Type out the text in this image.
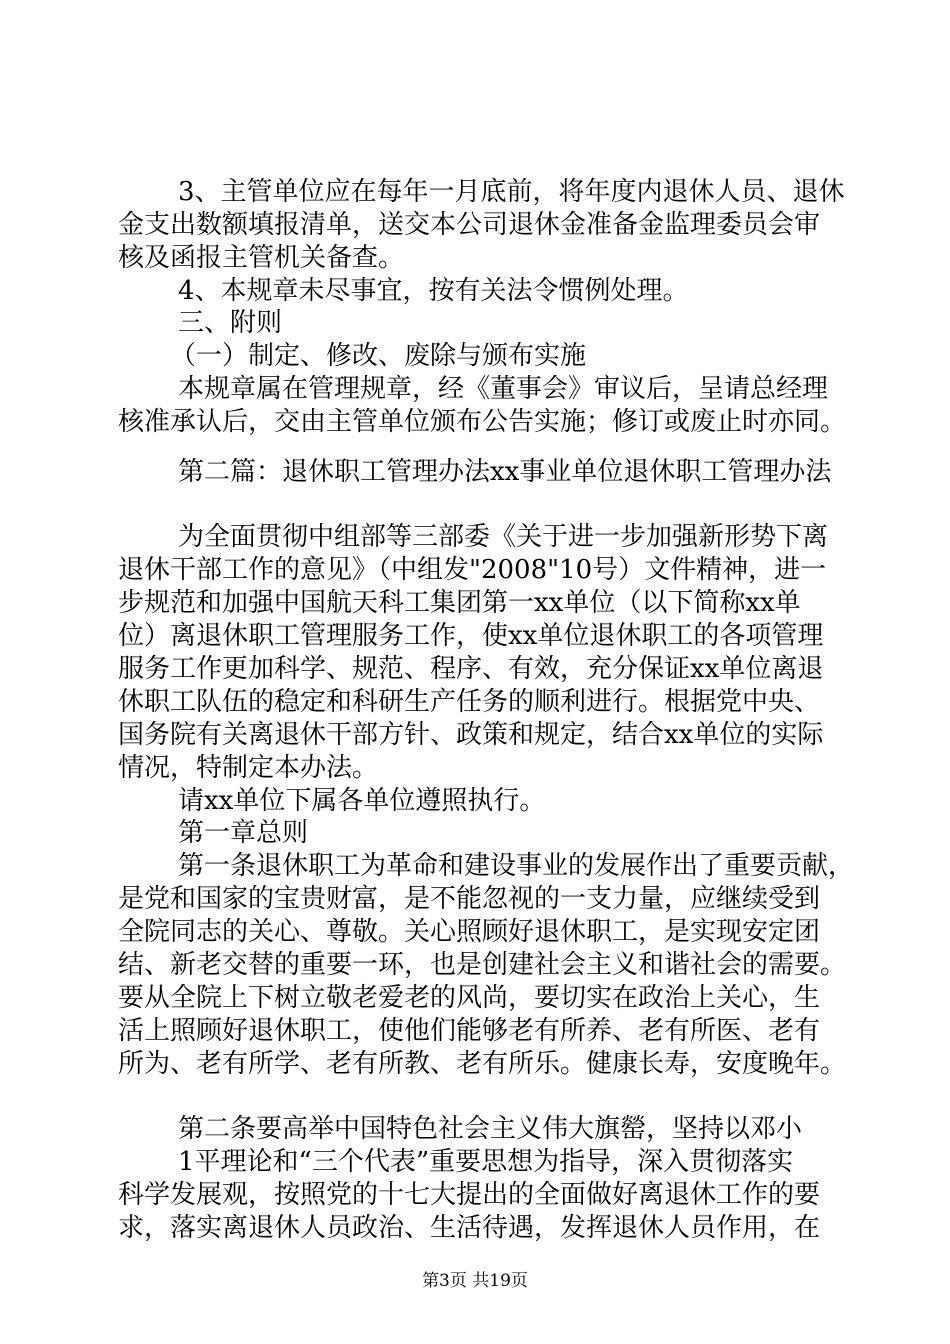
3、主管单位应在每年一月底前，将年度内退休人员、退休
金支出数额填报清单，送交本公司退休金准备金监理委员会审
核及函报主管机关备查。
4、本规章未尽事宜，按有关法令惯例处理。
三、附则
（一）制定、修改、废除与颁布实施
本规章属在管理规章，经《董事会》审议后，呈请总经理
核准承认后，交由主管单位颁布公告实施；修订或废止时亦同。
第二篇：退休职工管理办法xx事业单位退休职工管理办法
为全面贯彻中组部等三部委《关于进一步加强新形势下离
退休干部工作的意见》（中组发"2008"10号）文件精神，进一
步规范和加强中国航天科工集团第一xx单位（以下简称xx单
位）离退休职工管理服务工作，使xx单位退休职工的各项管理
服务工作更加科学、规范、程序、有效，充分保证xx单位离退
休职工队伍的稳定和科研生产任务的顺利进行。根据党中央、
国务院有关离退休干部方针、政策和规定，结合xx单位的实际
情况，特制定本办法。
请xx单位下属各单位遵照执行。
第一章总则
第一条退休职工为革命和建设事业的发展作出了重要贡献，
是党和国家的宝贵财富，是不能忽视的一支力量，应继续受到
全院同志的关心、尊敬。关心照顾好退休职工，是实现安定团
结、新老交替的重要一环，也是创建社会主义和谐社会的需要。
要从全院上下树立敬老爱老的风尚，要切实在政治上关心，生
活上照顾好退休职工，使他们能够老有所养、老有所医、老有
所为、老有所学、老有所教、老有所乐。健康长寿，安度晚年。
第二条要高举中国特色社会主义伟大旗罃，坚持以邓小
1平理论和“三个代表”重要思想为指导，深入贯彻落实
科学发展观，按照党的十七大提出的全面做好离退休工作的要
求，落实离退休人员政治、生活待遇，发挥退休人员作用，在
第3页 共19页
